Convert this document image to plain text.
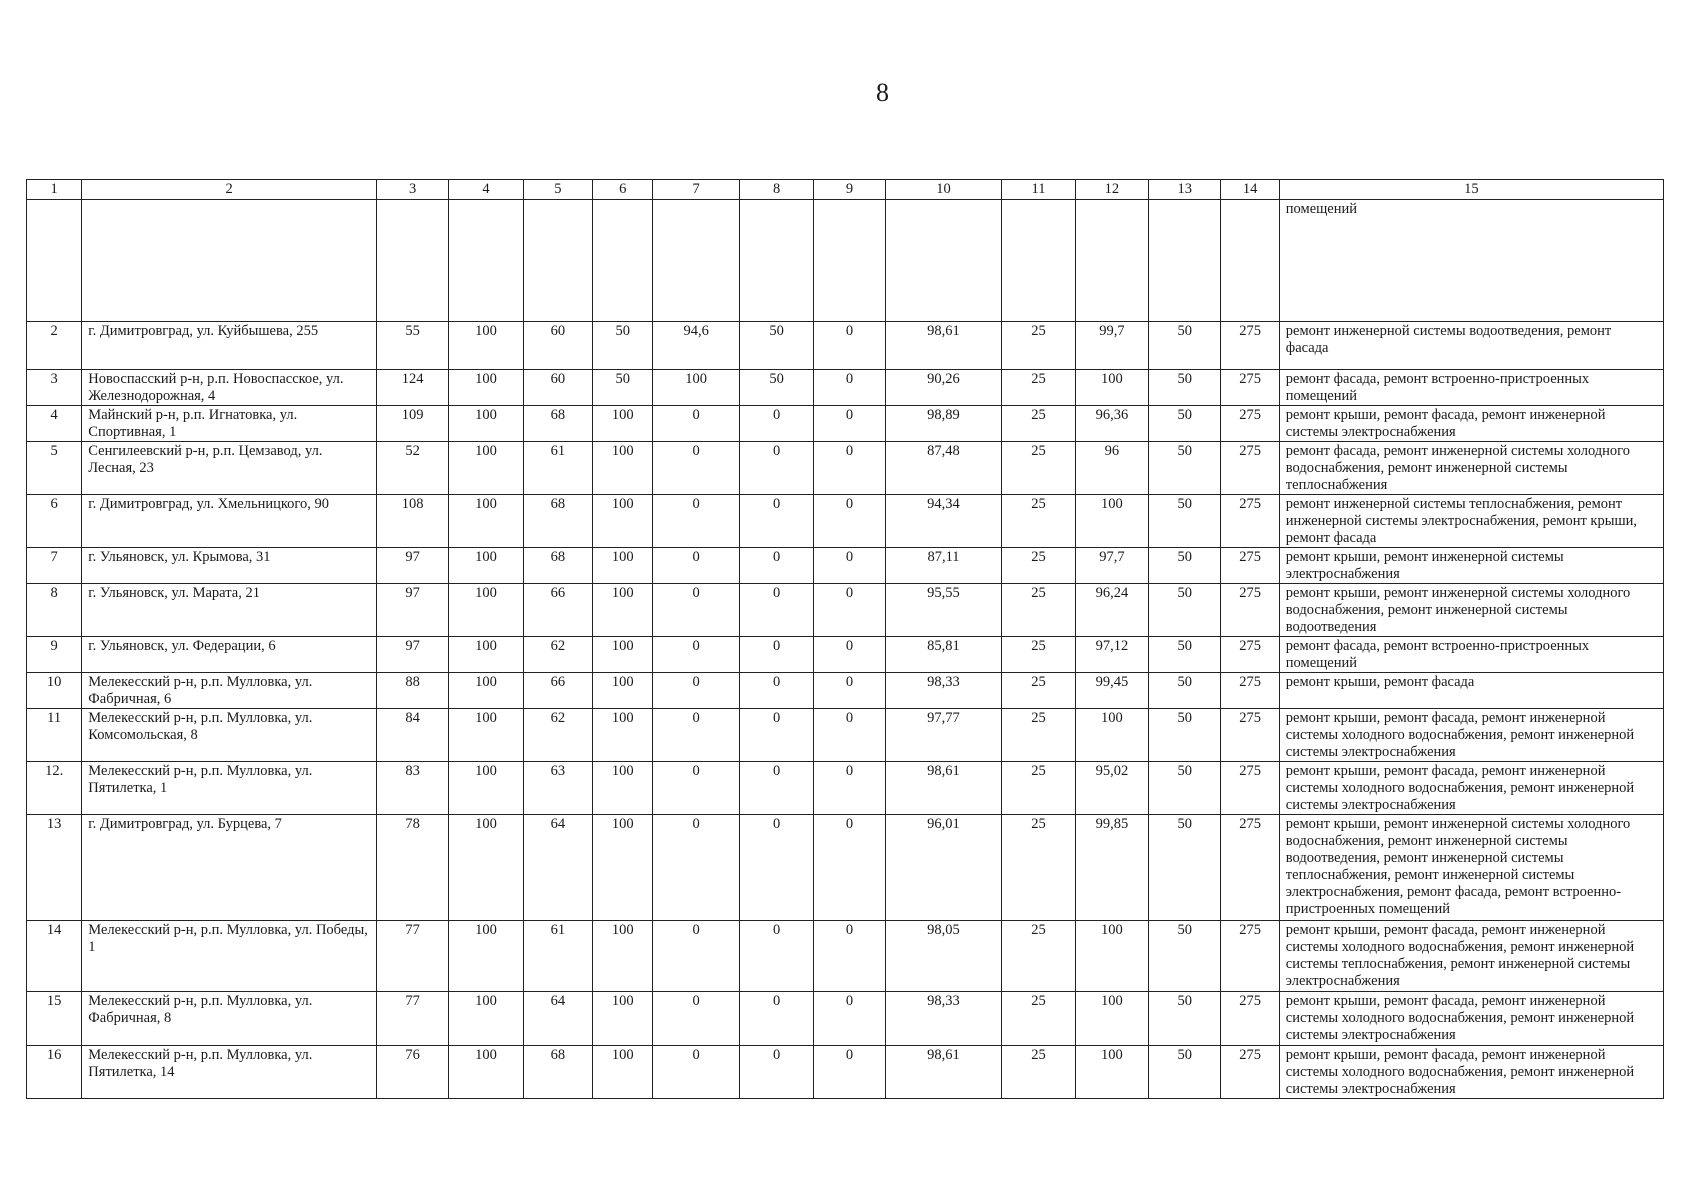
8
1	2	3	4	5	6	7	8	9	10	11	12	13	14	15
														помещений
2	г. Димитровград, ул. Куйбышева, 255	55	100	60	50	94,6	50	0	98,61	25	99,7	50	275	ремонт инженерной системы водоотведения, ремонт фасада
3	Новоспасский р-н, р.п. Новоспасское, ул. Железнодорожная, 4	124	100	60	50	100	50	0	90,26	25	100	50	275	ремонт фасада, ремонт встроенно-пристроенных помещений
4	Майнский р-н, р.п. Игнатовка, ул. Спортивная, 1	109	100	68	100	0	0	0	98,89	25	96,36	50	275	ремонт крыши, ремонт фасада, ремонт инженерной системы электроснабжения
5	Сенгилеевский р-н, р.п. Цемзавод, ул. Лесная, 23	52	100	61	100	0	0	0	87,48	25	96	50	275	ремонт фасада, ремонт инженерной системы холодного водоснабжения, ремонт инженерной системы теплоснабжения
6	г. Димитровград, ул. Хмельницкого, 90	108	100	68	100	0	0	0	94,34	25	100	50	275	ремонт инженерной системы теплоснабжения, ремонт инженерной системы электроснабжения, ремонт крыши, ремонт фасада
7	г. Ульяновск, ул. Крымова, 31	97	100	68	100	0	0	0	87,11	25	97,7	50	275	ремонт крыши, ремонт инженерной системы электроснабжения
8	г. Ульяновск, ул. Марата, 21	97	100	66	100	0	0	0	95,55	25	96,24	50	275	ремонт крыши, ремонт инженерной системы холодного водоснабжения, ремонт инженерной системы водоотведения
9	г. Ульяновск, ул. Федерации, 6	97	100	62	100	0	0	0	85,81	25	97,12	50	275	ремонт фасада, ремонт встроенно-пристроенных помещений
10	Мелекесский р-н, р.п. Мулловка, ул. Фабричная, 6	88	100	66	100	0	0	0	98,33	25	99,45	50	275	ремонт крыши, ремонт фасада
11	Мелекесский р-н, р.п. Мулловка, ул. Комсомольская, 8	84	100	62	100	0	0	0	97,77	25	100	50	275	ремонт крыши, ремонт фасада, ремонт инженерной системы холодного водоснабжения, ремонт инженерной системы электроснабжения
12.	Мелекесский р-н, р.п. Мулловка, ул. Пятилетка, 1	83	100	63	100	0	0	0	98,61	25	95,02	50	275	ремонт крыши, ремонт фасада, ремонт инженерной системы холодного водоснабжения, ремонт инженерной системы электроснабжения
13	г. Димитровград, ул. Бурцева, 7	78	100	64	100	0	0	0	96,01	25	99,85	50	275	ремонт крыши, ремонт инженерной системы холодного водоснабжения, ремонт инженерной системы водоотведения, ремонт инженерной системы теплоснабжения, ремонт инженерной системы электроснабжения, ремонт фасада, ремонт встроенно-пристроенных помещений
14	Мелекесский р-н, р.п. Мулловка, ул. Победы, 1	77	100	61	100	0	0	0	98,05	25	100	50	275	ремонт крыши, ремонт фасада, ремонт инженерной системы холодного водоснабжения, ремонт инженерной системы теплоснабжения, ремонт инженерной системы электроснабжения
15	Мелекесский р-н, р.п. Мулловка, ул. Фабричная, 8	77	100	64	100	0	0	0	98,33	25	100	50	275	ремонт крыши, ремонт фасада, ремонт инженерной системы холодного водоснабжения, ремонт инженерной системы электроснабжения
16	Мелекесский р-н, р.п. Мулловка, ул. Пятилетка, 14	76	100	68	100	0	0	0	98,61	25	100	50	275	ремонт крыши, ремонт фасада, ремонт инженерной системы холодного водоснабжения, ремонт инженерной системы электроснабжения
